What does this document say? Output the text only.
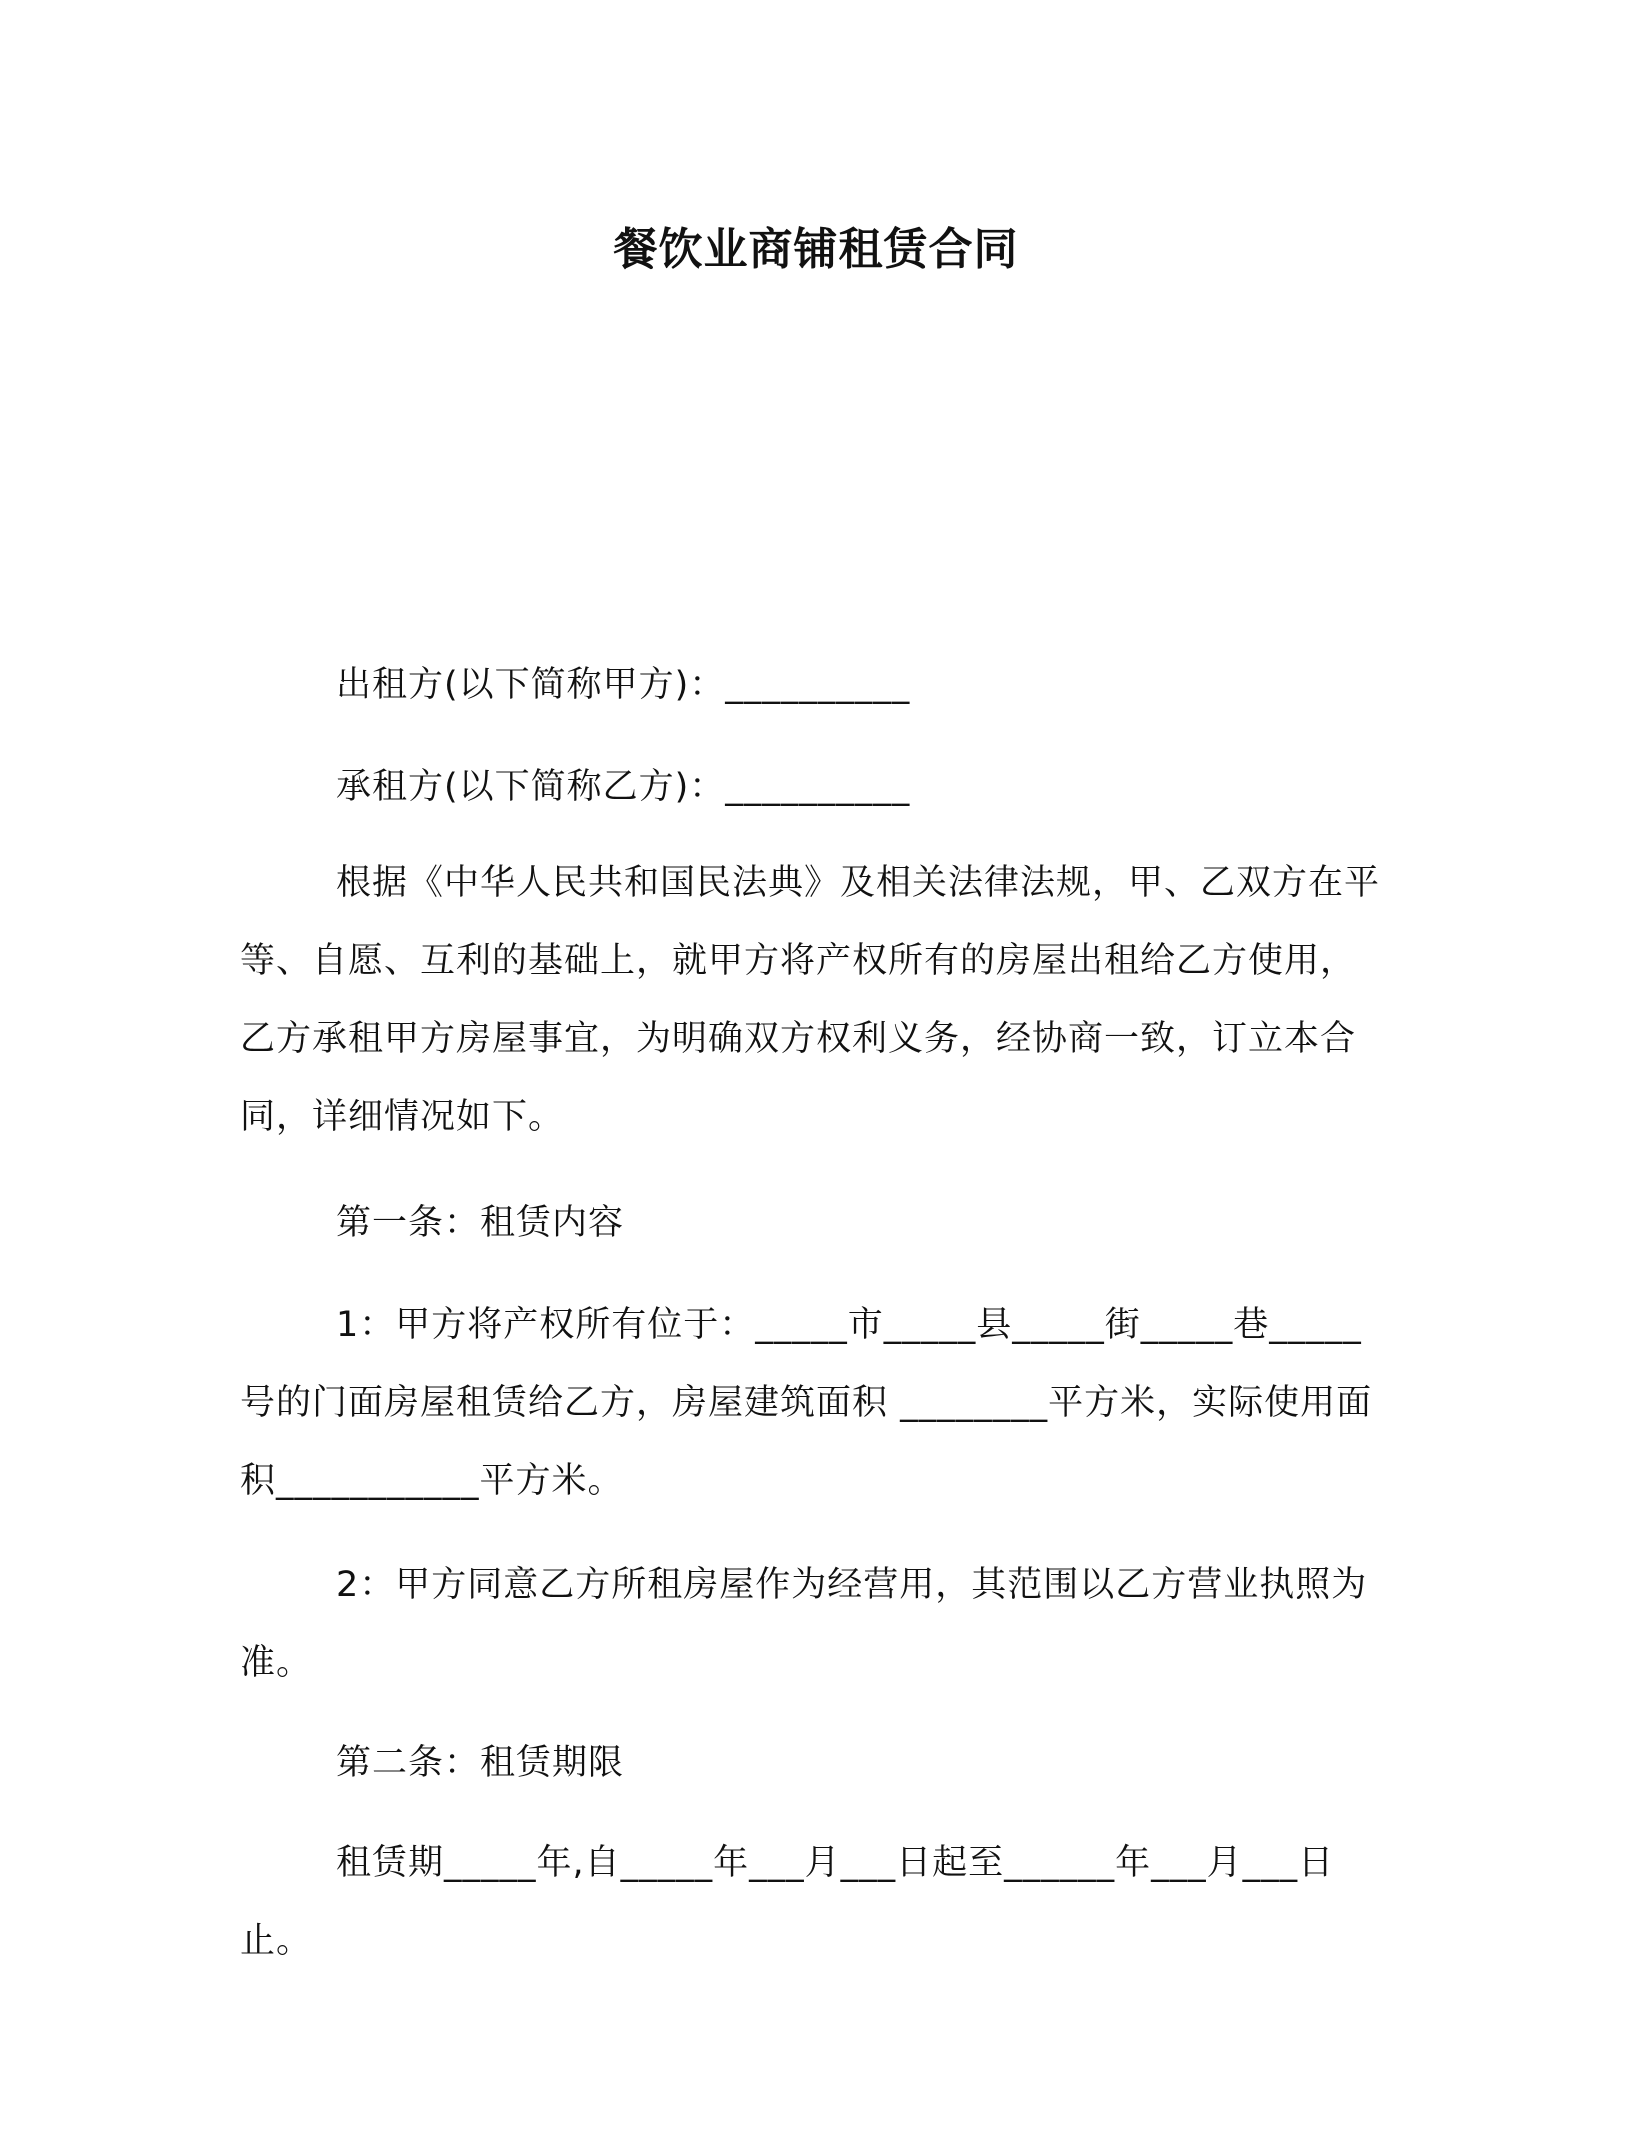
餐饮业商铺租赁合同

出租方(以下简称甲方)：__________

承租方(以下简称乙方)：__________

根据《中华人民共和国民法典》及相关法律法规，甲、乙双方在平等、自愿、互利的基础上，就甲方将产权所有的房屋出租给乙方使用，乙方承租甲方房屋事宜，为明确双方权利义务，经协商一致，订立本合同，详细情况如下。

第一条：租赁内容

1：甲方将产权所有位于：_____市_____县_____街_____巷_____号的门面房屋租赁给乙方，房屋建筑面积 ________平方米，实际使用面积___________平方米。

2：甲方同意乙方所租房屋作为经营用，其范围以乙方营业执照为准。

第二条：租赁期限

租赁期_____年,自_____年___月___日起至______年___月___日止。
